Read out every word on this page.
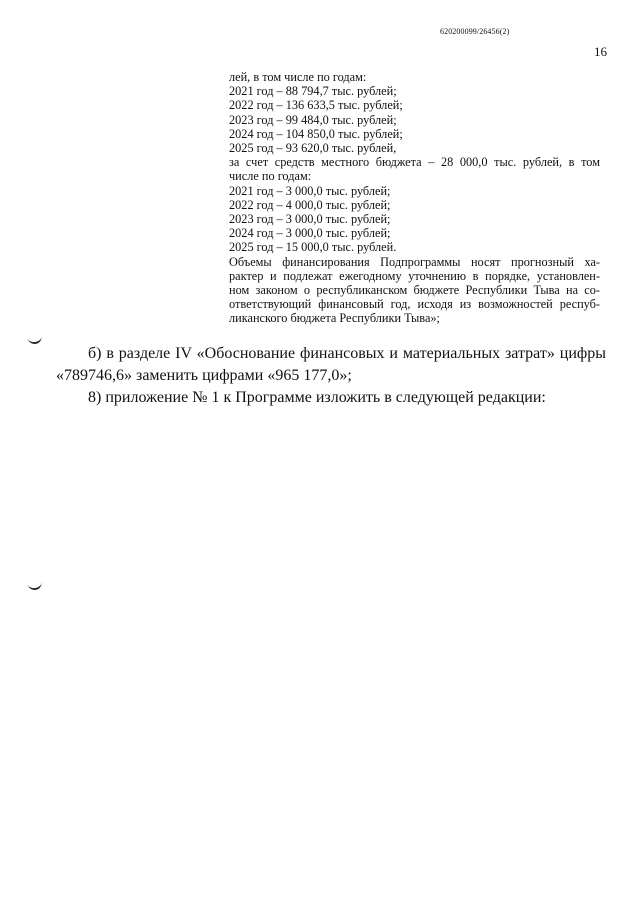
620200099/26456(2)
16
лей, в том числе по годам:
2021 год – 88 794,7 тыс. рублей;
2022 год – 136 633,5 тыс. рублей;
2023 год – 99 484,0 тыс. рублей;
2024 год – 104 850,0 тыс. рублей;
2025 год – 93 620,0 тыс. рублей,
за счет средств местного бюджета – 28 000,0 тыс. рублей, в том
числе по годам:
2021 год – 3 000,0 тыс. рублей;
2022 год – 4 000,0 тыс. рублей;
2023 год – 3 000,0 тыс. рублей;
2024 год – 3 000,0 тыс. рублей;
2025 год – 15 000,0 тыс. рублей.
Объемы финансирования Подпрограммы носят прогнозный ха-
рактер и подлежат ежегодному уточнению в порядке, установлен-
ном законом о республиканском бюджете Республики Тыва на со-
ответствующий финансовый год, исходя из возможностей респуб-
ликанского бюджета Республики Тыва»;
б) в разделе IV «Обоснование финансовых и материальных затрат» цифры
«789746,6» заменить цифрами «965 177,0»;
8) приложение № 1 к Программе изложить в следующей редакции:
